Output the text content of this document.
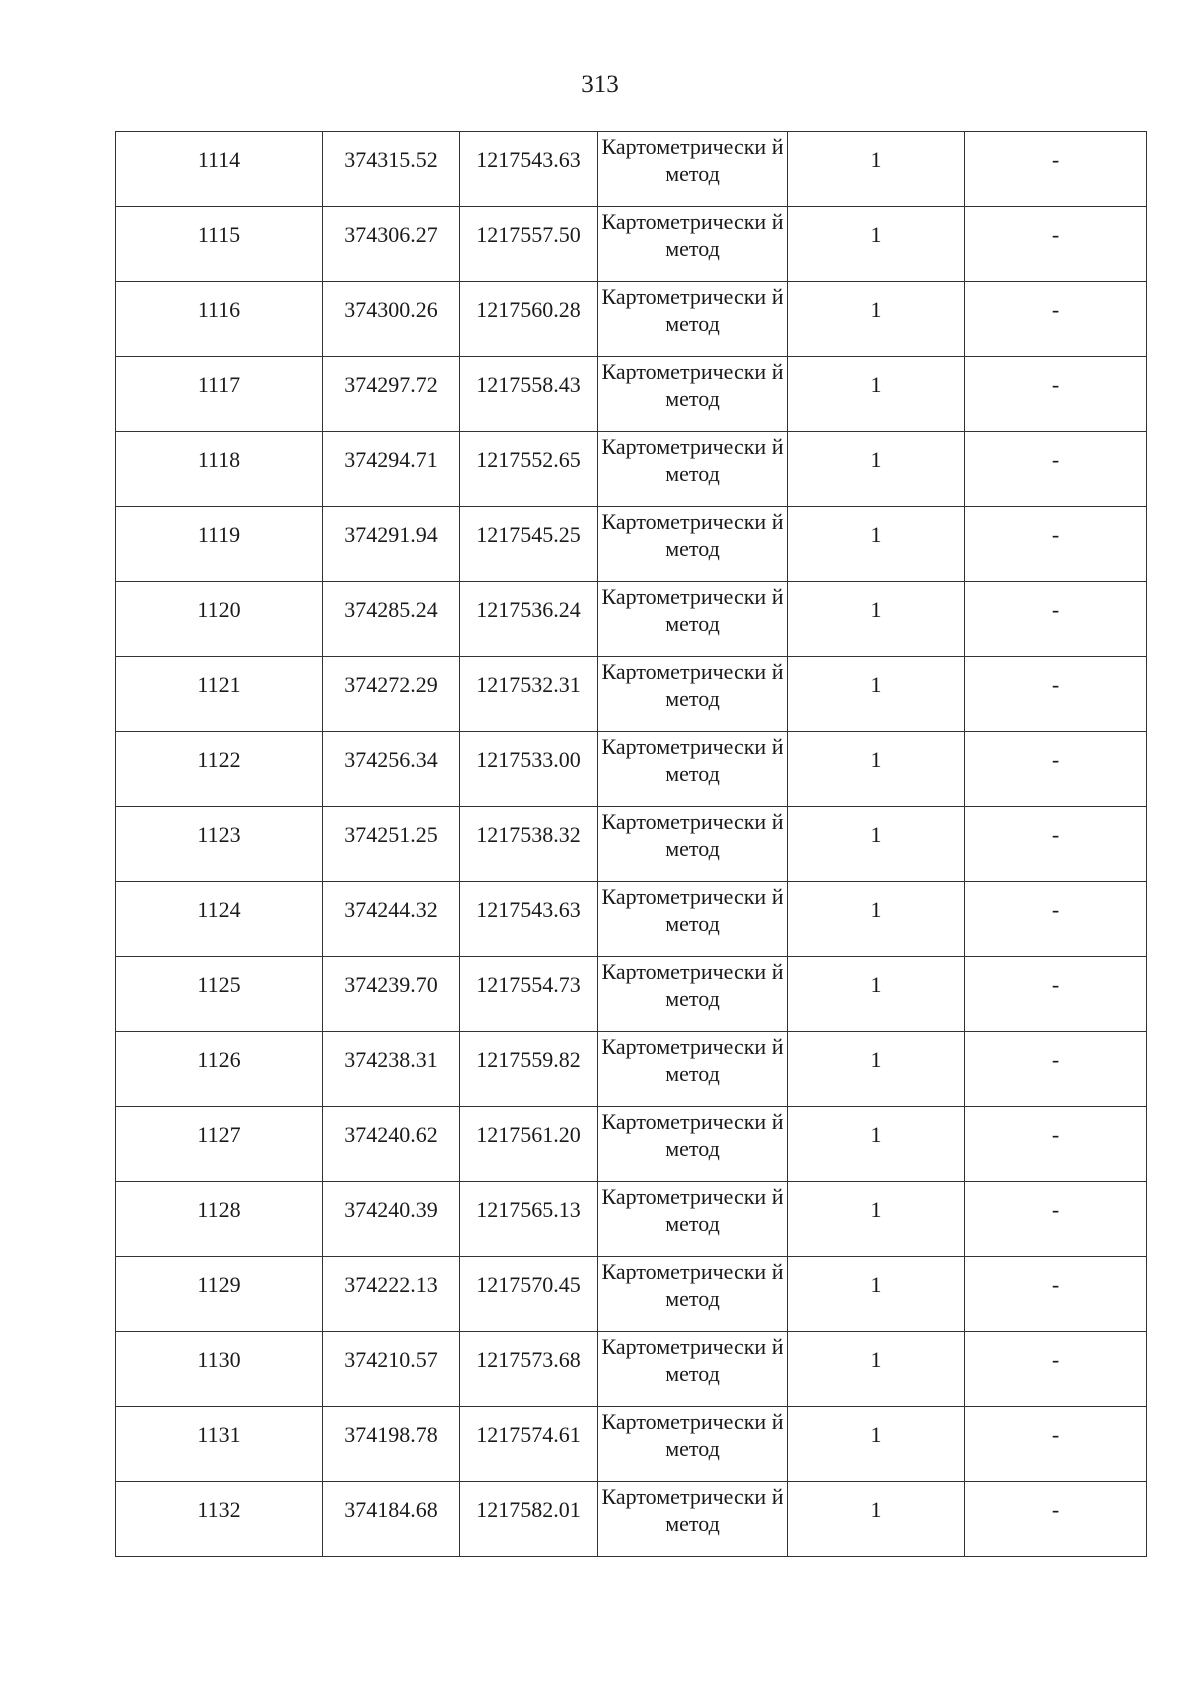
313
1114	374315.52	1217543.63	Картометрически й метод	1	-
1115	374306.27	1217557.50	Картометрически й метод	1	-
1116	374300.26	1217560.28	Картометрически й метод	1	-
1117	374297.72	1217558.43	Картометрически й метод	1	-
1118	374294.71	1217552.65	Картометрически й метод	1	-
1119	374291.94	1217545.25	Картометрически й метод	1	-
1120	374285.24	1217536.24	Картометрически й метод	1	-
1121	374272.29	1217532.31	Картометрически й метод	1	-
1122	374256.34	1217533.00	Картометрически й метод	1	-
1123	374251.25	1217538.32	Картометрически й метод	1	-
1124	374244.32	1217543.63	Картометрически й метод	1	-
1125	374239.70	1217554.73	Картометрически й метод	1	-
1126	374238.31	1217559.82	Картометрически й метод	1	-
1127	374240.62	1217561.20	Картометрически й метод	1	-
1128	374240.39	1217565.13	Картометрически й метод	1	-
1129	374222.13	1217570.45	Картометрически й метод	1	-
1130	374210.57	1217573.68	Картометрически й метод	1	-
1131	374198.78	1217574.61	Картометрически й метод	1	-
1132	374184.68	1217582.01	Картометрически й метод	1	-
